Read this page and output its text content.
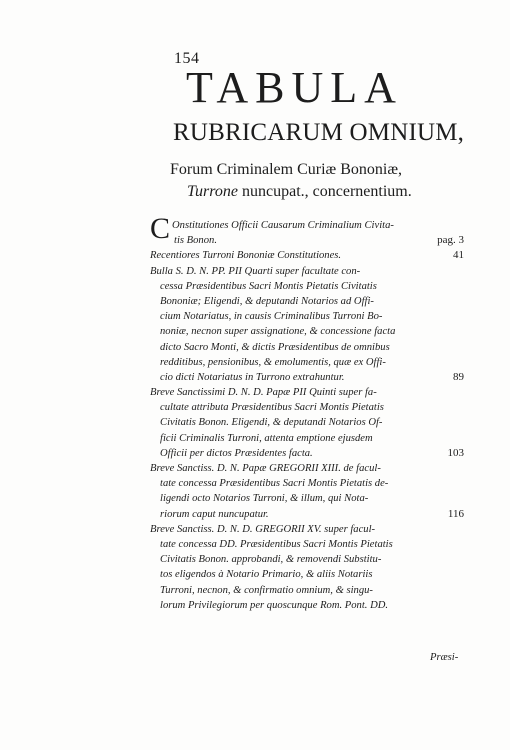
154
TABULA
RUBRICARUM OMNIUM,
Forum Criminalem Curiæ Bononiæ,
Turrone nuncupat., concernentium.
C Onstitutiones Officii Causarum Criminalium Civita-
tis Bonon.	pag. 3
Recentiores Turroni Bononiæ Constitutiones.	41
Bulla S. D. N. PP. PII Quarti super facultate con-
cessa Præsidentibus Sacri Montis Pietatis Civitatis
Bononiæ; Eligendi, & deputandi Notarios ad Offi-
cium Notariatus, in causis Criminalibus Turroni Bo-
noniæ, necnon super assignatione, & concessione facta
dicto Sacro Monti, & dictis Præsidentibus de omnibus
redditibus, pensionibus, & emolumentis, quæ ex Offi-
cio dicti Notariatus in Turrono extrahuntur.	89
Breve Sanctissimi D. N. D. Papæ PII Quinti super fa-
cultate attributa Præsidentibus Sacri Montis Pietatis
Civitatis Bonon. Eligendi, & deputandi Notarios Of-
ficii Criminalis Turroni, attenta emptione ejusdem
Officii per dictos Præsidentes facta.	103
Breve Sanctiss. D. N. Papæ GREGORII XIII. de facul-
tate concessa Præsidentibus Sacri Montis Pietatis de-
ligendi octo Notarios Turroni, & illum, qui Nota-
riorum caput nuncupatur.	116
Breve Sanctiss. D. N. D. GREGORII XV. super facul-
tate concessa DD. Præsidentibus Sacri Montis Pietatis
Civitatis Bonon. approbandi, & removendi Substitu-
tos eligendos à Notario Primario, & aliis Notariis
Turroni, necnon, & confirmatio omnium, & singu-
lorum Privilegiorum per quoscunque Rom. Pont. DD.
Præsi-
